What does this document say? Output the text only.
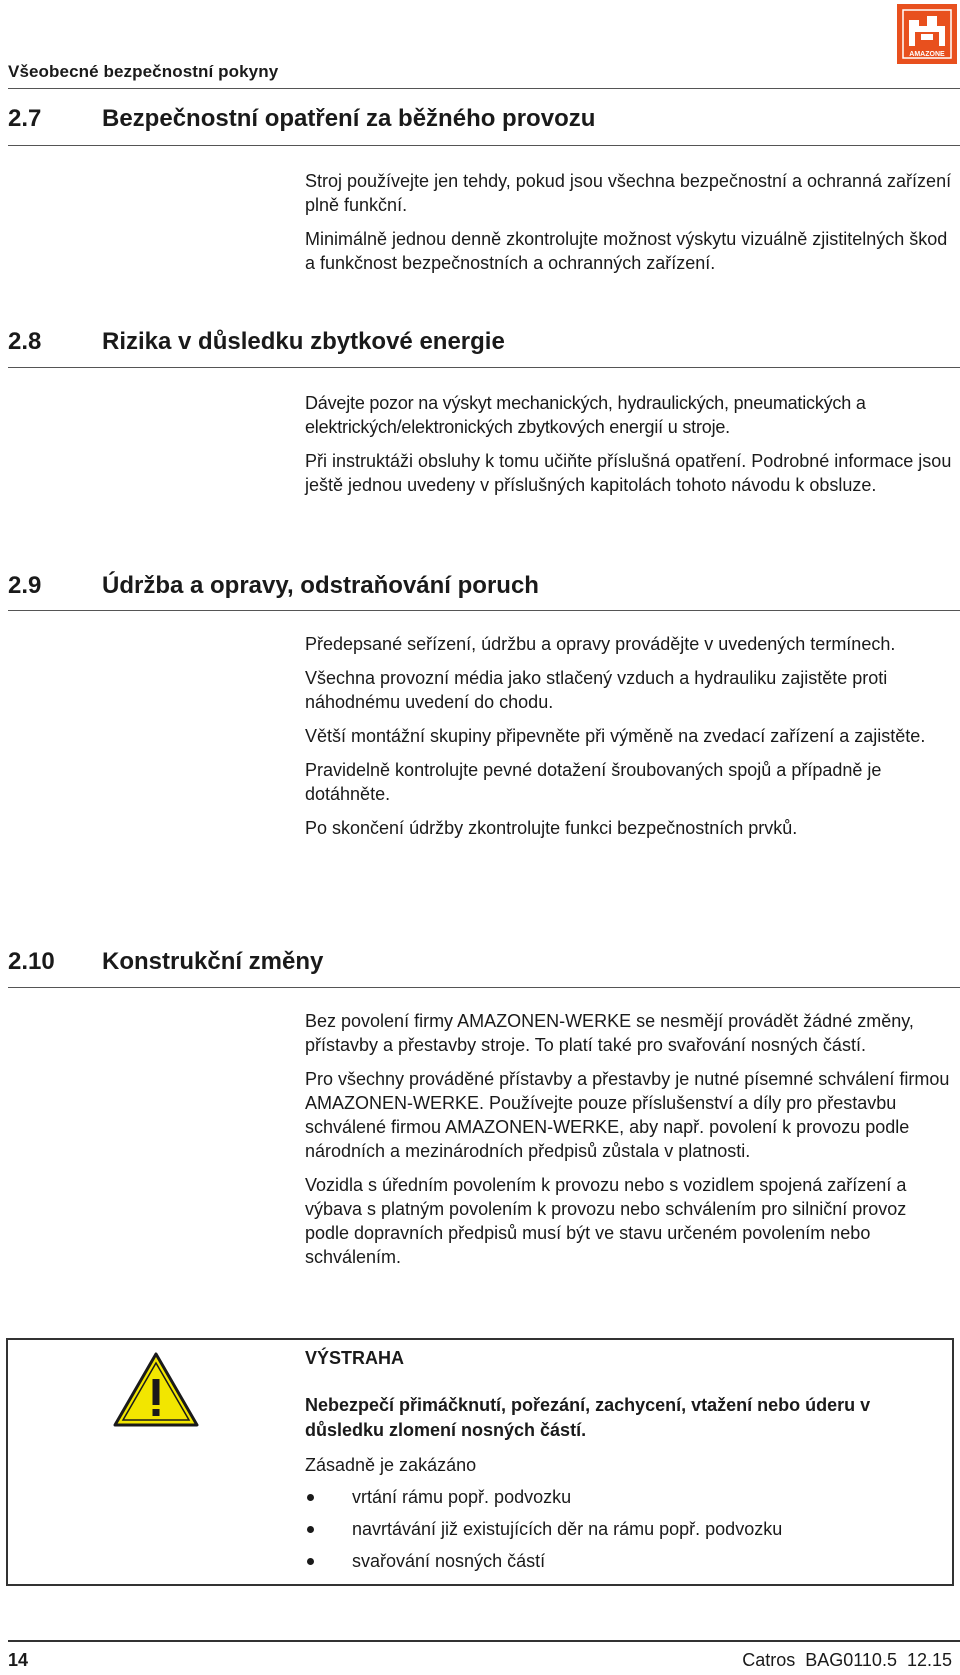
Všeobecné bezpečnostní pokyny
AMAZONE
2.7	Bezpečnostní opatření za běžného provozu

Stroj používejte jen tehdy, pokud jsou všechna bezpečnostní a ochranná zařízení plně funkční.

Minimálně jednou denně zkontrolujte možnost výskytu vizuálně zjistitelných škod a funkčnost bezpečnostních a ochranných zařízení.

2.8	Rizika v důsledku zbytkové energie

Dávejte pozor na výskyt mechanických, hydraulických, pneumatických a elektrických/elektronických zbytkových energií u stroje.

Při instruktáži obsluhy k tomu učiňte příslušná opatření. Podrobné informace jsou ještě jednou uvedeny v příslušných kapitolách tohoto návodu k obsluze.

2.9	Údržba a opravy, odstraňování poruch

Předepsané seřízení, údržbu a opravy provádějte v uvedených termínech.

Všechna provozní média jako stlačený vzduch a hydrauliku zajistěte proti náhodnému uvedení do chodu.

Větší montážní skupiny připevněte při výměně na zvedací zařízení a zajistěte.

Pravidelně kontrolujte pevné dotažení šroubovaných spojů a případně je dotáhněte.

Po skončení údržby zkontrolujte funkci bezpečnostních prvků.

2.10 Konstrukční změny

Bez povolení firmy AMAZONEN-WERKE se nesmějí provádět žádné změny, přístavby a přestavby stroje. To platí také pro svařování nosných částí.

Pro všechny prováděné přístavby a přestavby je nutné písemné schválení firmou AMAZONEN-WERKE. Používejte pouze příslušenství a díly pro přestavbu schválené firmou AMAZONEN-WERKE, aby např. povolení k provozu podle národních a mezinárodních předpisů zůstala v platnosti.

Vozidla s úředním povolením k provozu nebo s vozidlem spojená zařízení a výbava s platným povolením k provozu nebo schválením pro silniční provoz podle dopravních předpisů musí být ve stavu určeném povolením nebo schválením.

VÝSTRAHA

Nebezpečí přimáčknutí, pořezání, zachycení, vtažení nebo úderu v důsledku zlomení nosných částí.

Zásadně je zakázáno

vrtání rámu popř. podvozku
navrtávání již existujících děr na rámu popř. podvozku
svařování nosných částí
14	Catros  BAG0110.5  12.15
